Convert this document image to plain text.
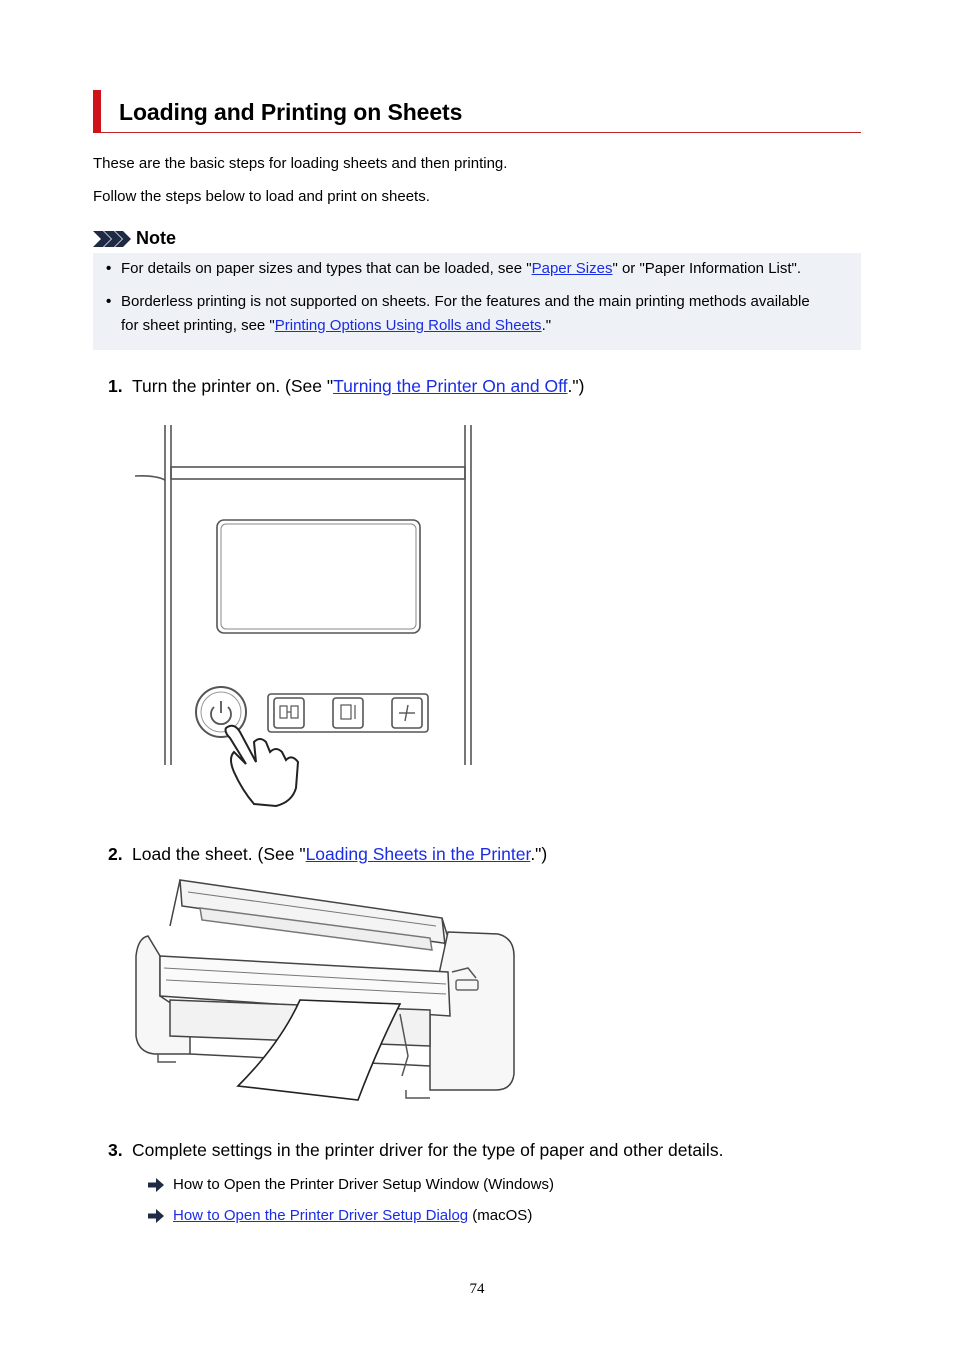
Loading and Printing on Sheets
These are the basic steps for loading sheets and then printing.
Follow the steps below to load and print on sheets.
Note
• For details on paper sizes and types that can be loaded, see "Paper Sizes" or "Paper Information List".
• Borderless printing is not supported on sheets. For the features and the main printing methods available
for sheet printing, see "Printing Options Using Rolls and Sheets."
1. Turn the printer on. (See "Turning the Printer On and Off.")
2. Load the sheet. (See "Loading Sheets in the Printer.")
3. Complete settings in the printer driver for the type of paper and other details.
How to Open the Printer Driver Setup Window (Windows)
How to Open the Printer Driver Setup Dialog (macOS)
74
